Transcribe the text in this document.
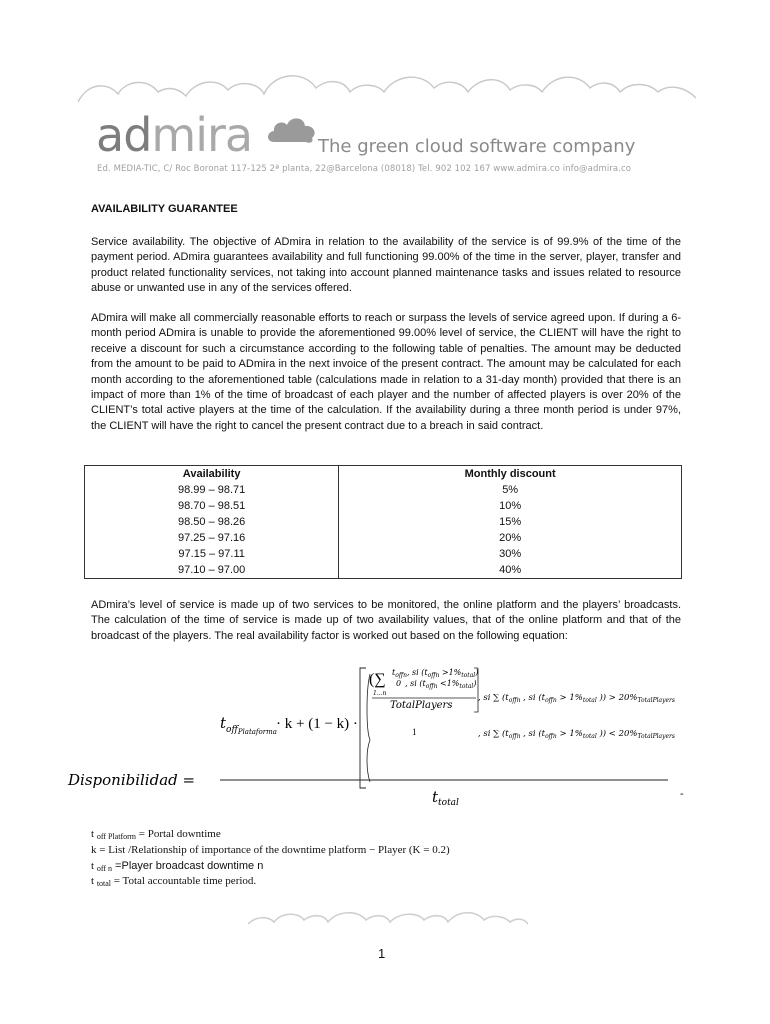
admira	The green cloud software company
Ed. MEDIA-TIC, C/ Roc Boronat 117-125 2ª planta, 22@Barcelona (08018) Tel. 902 102 167 www.admira.co info@admira.co
AVAILABILITY GUARANTEE
Service availability. The objective of ADmira in relation to the availability of the service is of 99.9% of the time of the payment period. ADmira guarantees availability and full functioning 99.00% of the time in the server, player, transfer and product related functionality services, not taking into account planned maintenance tasks and issues related to resource abuse or unwanted use in any of the services offered.
ADmira will make all commercially reasonable efforts to reach or surpass the levels of service agreed upon. If during a 6-month period ADmira is unable to provide the aforementioned 99.00% level of service, the CLIENT will have the right to receive a discount for such a circumstance according to the following table of penalties. The amount may be deducted from the amount to be paid to ADmira in the next invoice of the present contract. The amount may be calculated for each month according to the aforementioned table (calculations made in relation to a 31-day month) provided that there is an impact of more than 1% of the time of broadcast of each player and the number of affected players is over 20% of the CLIENT’s total active players at the time of the calculation. If the availability during a three month period is under 97%, the CLIENT will have the right to cancel the present contract due to a breach in said contract.
Availability	Monthly discount
98.99 – 98.71	5%
98.70 – 98.51	10%
98.50 – 98.26	15%
97.25 – 97.16	20%
97.15 – 97.11	30%
97.10 – 97.00	40%
ADmira’s level of service is made up of two services to be monitored, the online platform and the players’ broadcasts. The calculation of the time of service is made up of two availability values, that of the online platform and that of the broadcast of the players. The real availability factor is worked out based on the following equation:
(∑ $t_{offn}$, si $(t_{offn} >1\%_{total})$
0 , si $(t_{offn} <1\%_{total})$
1...n
TotalPlayers
1
, si ∑ ($t_{offn}$ , si ($t_{offn} > 1\%_{total}$ )) > $20\%_{TotalPlayers}$
, si ∑ ($t_{offn}$ , si ($t_{offn} > 1\%_{total}$ )) < $20\%_{TotalPlayers}$
$t_{off}Plataforma \cdot k + (1 - k)$ ·
Disponibilidad =
$t_{total}$
-
t $_{off Platform}$ = Portal downtime
k = List /Relationship of importance of the downtime platform − Player (K = 0.2)
t $_{off n}$ =Player broadcast downtime n
t $_{total}$ = Total accountable time period.
1
